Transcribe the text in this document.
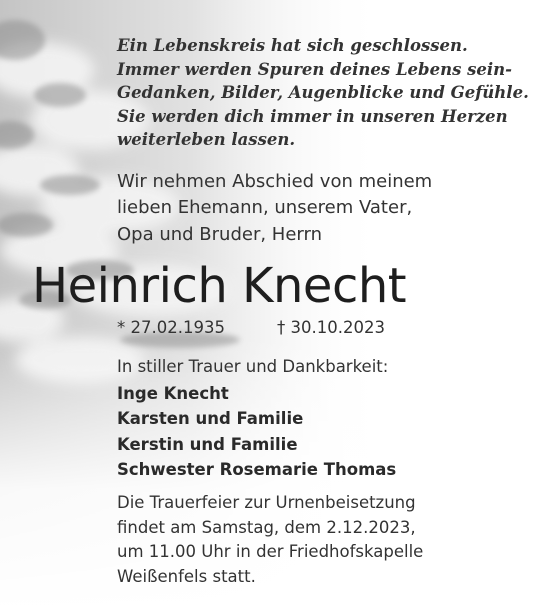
Ein Lebenskreis hat sich geschlossen.
Immer werden Spuren deines Lebens sein-
Gedanken, Bilder, Augenblicke und Gefühle.
Sie werden dich immer in unseren Herzen
weiterleben lassen.
Wir nehmen Abschied von meinem
lieben Ehemann, unserem Vater,
Opa und Bruder, Herrn
Heinrich Knecht
* 27.02.1935	† 30.10.2023
In stiller Trauer und Dankbarkeit:
Inge Knecht
Karsten und Familie
Kerstin und Familie
Schwester Rosemarie Thomas
Die Trauerfeier zur Urnenbeisetzung
findet am Samstag, dem 2.12.2023,
um 11.00 Uhr in der Friedhofskapelle
Weißenfels statt.
